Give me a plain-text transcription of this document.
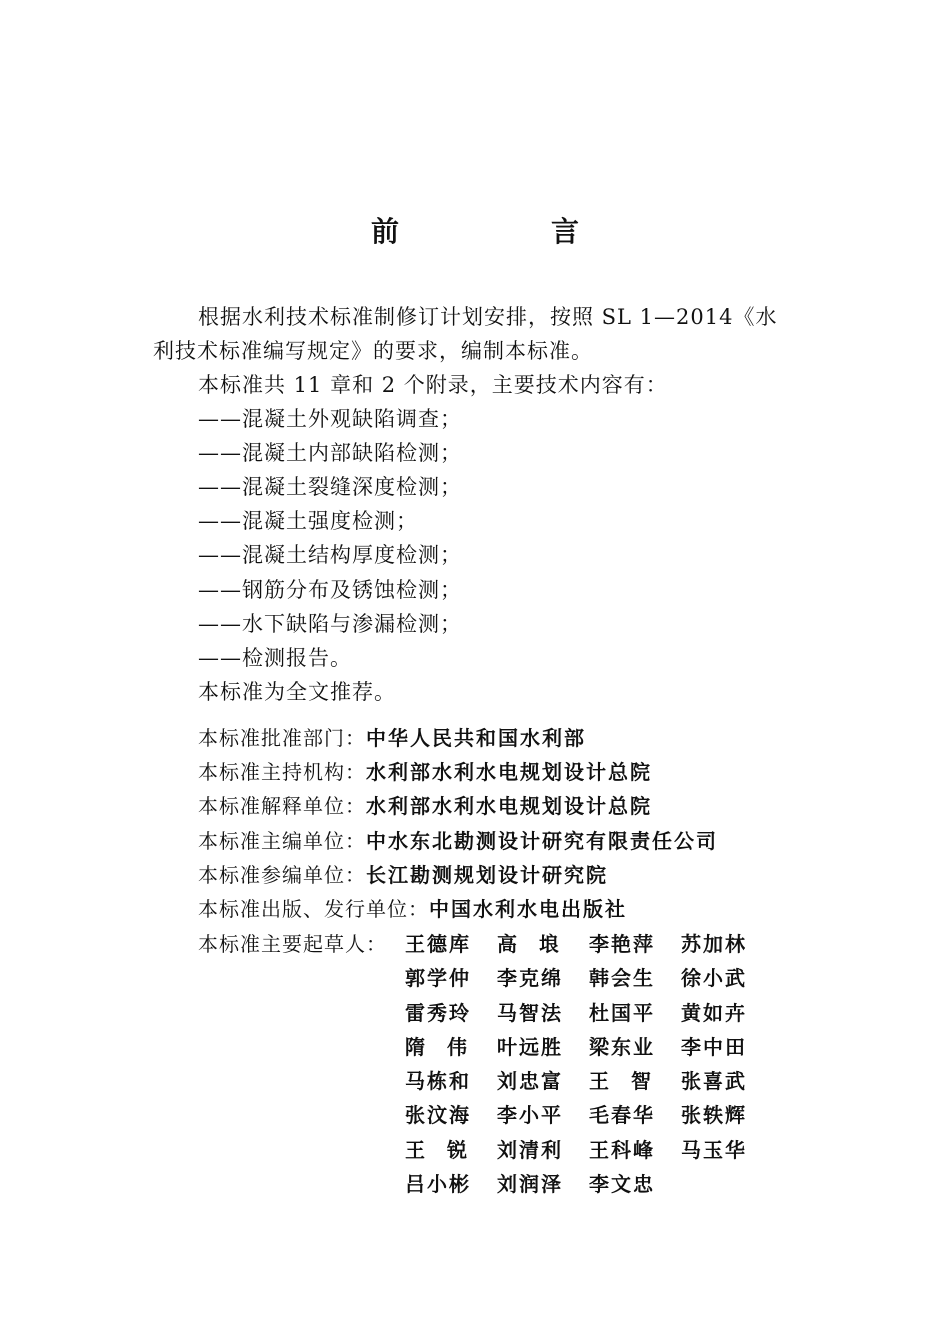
前　言
根据水利技术标准制修订计划安排，按照 SL 1—2014《水
利技术标准编写规定》的要求，编制本标准。
本标准共 11 章和 2 个附录，主要技术内容有：
——混凝土外观缺陷调查；
——混凝土内部缺陷检测；
——混凝土裂缝深度检测；
——混凝土强度检测；
——混凝土结构厚度检测；
——钢筋分布及锈蚀检测；
——水下缺陷与渗漏检测；
——检测报告。
本标准为全文推荐。
本标准批准部门：中华人民共和国水利部
本标准主持机构：水利部水利水电规划设计总院
本标准解释单位：水利部水利水电规划设计总院
本标准主编单位：中水东北勘测设计研究有限责任公司
本标准参编单位：长江勘测规划设计研究院
本标准出版、发行单位：中国水利水电出版社
本标准主要起草人： 王德库	高埌 李艳萍	苏加林
郭学仲	李克绵	韩会生	徐小武
雷秀玲	马智法	杜国平	黄如卉
隋伟 叶远胜	梁东业	李中田
马栋和	刘忠富	王智 张喜武
张汶海	李小平	毛春华	张轶辉
王锐 刘清利	王科峰	马玉华
吕小彬	刘润泽	李文忠
